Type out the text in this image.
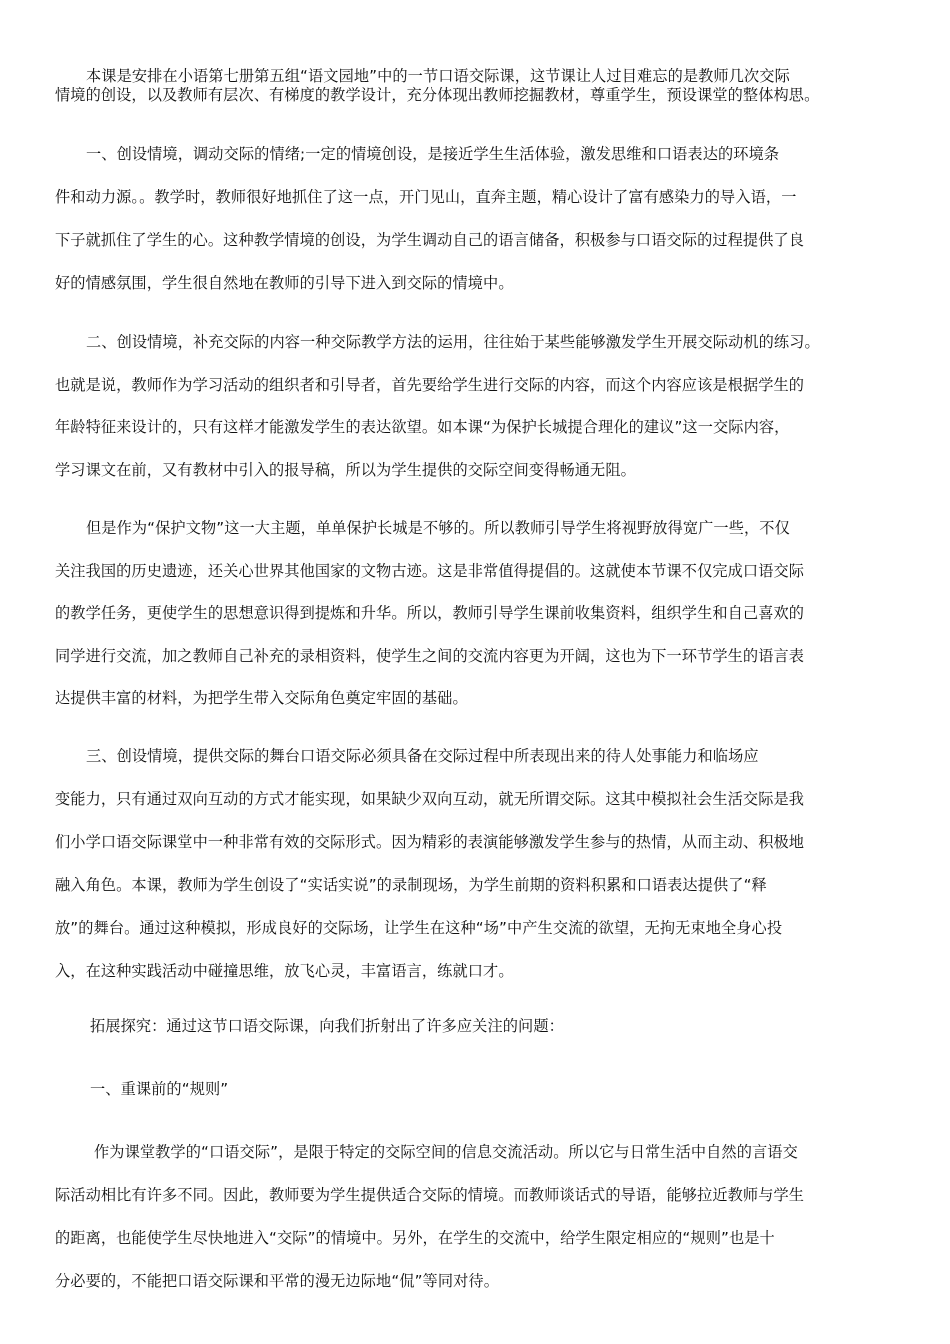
本课是安排在小语第七册第五组“语文园地”中的一节口语交际课，这节课让人过目难忘的是教师几次交际
情境的创设，以及教师有层次、有梯度的教学设计，充分体现出教师挖掘教材，尊重学生，预设课堂的整体构思。
一、创设情境，调动交际的情绪;一定的情境创设，是接近学生生活体验，激发思维和口语表达的环境条
件和动力源。。教学时，教师很好地抓住了这一点，开门见山，直奔主题，精心设计了富有感染力的导入语，一
下子就抓住了学生的心。这种教学情境的创设，为学生调动自己的语言储备，积极参与口语交际的过程提供了良
好的情感氛围，学生很自然地在教师的引导下进入到交际的情境中。
二、创设情境，补充交际的内容一种交际教学方法的运用，往往始于某些能够激发学生开展交际动机的练习。
也就是说，教师作为学习活动的组织者和引导者，首先要给学生进行交际的内容，而这个内容应该是根据学生的
年龄特征来设计的，只有这样才能激发学生的表达欲望。如本课“为保护长城提合理化的建议”这一交际内容，
学习课文在前，又有教材中引入的报导稿，所以为学生提供的交际空间变得畅通无阻。
但是作为“保护文物”这一大主题，单单保护长城是不够的。所以教师引导学生将视野放得宽广一些，不仅
关注我国的历史遗迹，还关心世界其他国家的文物古迹。这是非常值得提倡的。这就使本节课不仅完成口语交际
的教学任务，更使学生的思想意识得到提炼和升华。所以，教师引导学生课前收集资料，组织学生和自己喜欢的
同学进行交流，加之教师自己补充的录相资料，使学生之间的交流内容更为开阔，这也为下一环节学生的语言表
达提供丰富的材料，为把学生带入交际角色奠定牢固的基础。
三、创设情境，提供交际的舞台口语交际必须具备在交际过程中所表现出来的待人处事能力和临场应
变能力，只有通过双向互动的方式才能实现，如果缺少双向互动，就无所谓交际。这其中模拟社会生活交际是我
们小学口语交际课堂中一种非常有效的交际形式。因为精彩的表演能够激发学生参与的热情，从而主动、积极地
融入角色。本课，教师为学生创设了“实话实说”的录制现场，为学生前期的资料积累和口语表达提供了“释
放”的舞台。通过这种模拟，形成良好的交际场，让学生在这种“场”中产生交流的欲望，无拘无束地全身心投
入，在这种实践活动中碰撞思维，放飞心灵，丰富语言，练就口才。
拓展探究：通过这节口语交际课，向我们折射出了许多应关注的问题：
一、重课前的“规则”
作为课堂教学的“口语交际”，是限于特定的交际空间的信息交流活动。所以它与日常生活中自然的言语交
际活动相比有许多不同。因此，教师要为学生提供适合交际的情境。而教师谈话式的导语，能够拉近教师与学生
的距离，也能使学生尽快地进入“交际”的情境中。另外，在学生的交流中，给学生限定相应的“规则”也是十
分必要的，不能把口语交际课和平常的漫无边际地“侃”等同对待。
